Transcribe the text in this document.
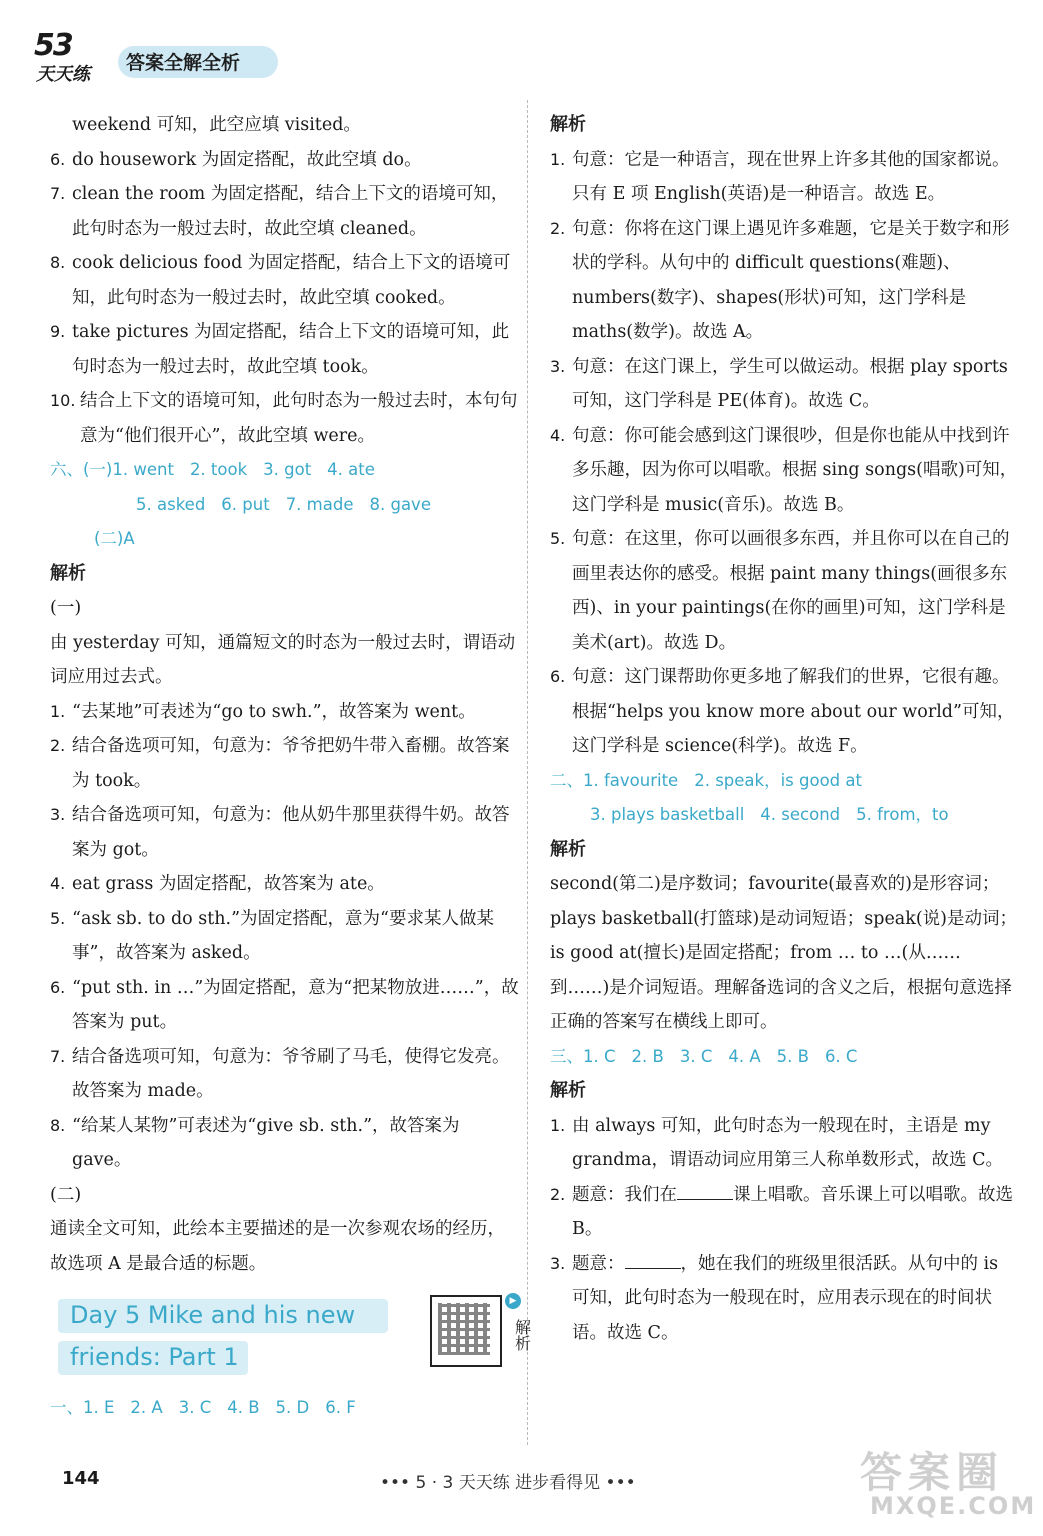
53
天天练
答案全解全析

weekend 可知，此空应填 visited。

6. do housework 为固定搭配，故此空填 do。
7. clean the room 为固定搭配，结合上下文的语境可知，此句时态为一般过去时，故此空填 cleaned。
8. cook delicious food 为固定搭配，结合上下文的语境可知，此句时态为一般过去时，故此空填 cooked。
9. take pictures 为固定搭配，结合上下文的语境可知，此句时态为一般过去时，故此空填 took。
10. 结合上下文的语境可知，此句时态为一般过去时，本句句意为“他们很开心”，故此空填 were。

六、(一)1. went 2. took 3. got 4. ate

5. asked 6. put 7. made 8. gave

(二)A

解析

(一)

由 yesterday 可知，通篇短文的时态为一般过去时，谓语动词应用过去式。

1. “去某地”可表述为“go to swh.”，故答案为 went。
2. 结合备选项可知，句意为：爷爷把奶牛带入畜棚。故答案为 took。
3. 结合备选项可知，句意为：他从奶牛那里获得牛奶。故答案为 got。
4. eat grass 为固定搭配，故答案为 ate。
5. “ask sb. to do sth.”为固定搭配，意为“要求某人做某事”，故答案为 asked。
6. “put sth. in …”为固定搭配，意为“把某物放进……”，故答案为 put。
7. 结合备选项可知，句意为：爷爷刷了马毛，使得它发亮。故答案为 made。
8. “给某人某物”可表述为“give sb. sth.”，故答案为 gave。

(二)

通读全文可知，此绘本主要描述的是一次参观农场的经历，故选项 A 是最合适的标题。

Day 5 Mike and his new
friends: Part 1
▶
解析

一、1. E 2. A 3. C 4. B 5. D 6. F

解析

1. 句意：它是一种语言，现在世界上许多其他的国家都说。只有 E 项 English(英语)是一种语言。故选 E。
2. 句意：你将在这门课上遇见许多难题，它是关于数字和形状的学科。从句中的 difficult questions(难题)、numbers(数字)、shapes(形状)可知，这门学科是 maths(数学)。故选 A。
3. 句意：在这门课上，学生可以做运动。根据 play sports 可知，这门学科是 PE(体育)。故选 C。
4. 句意：你可能会感到这门课很吵，但是你也能从中找到许多乐趣，因为你可以唱歌。根据 sing songs(唱歌)可知，这门学科是 music(音乐)。故选 B。
5. 句意：在这里，你可以画很多东西，并且你可以在自己的画里表达你的感受。根据 paint many things(画很多东西)、in your paintings(在你的画里)可知，这门学科是美术(art)。故选 D。
6. 句意：这门课帮助你更多地了解我们的世界，它很有趣。根据“helps you know more about our world”可知，这门学科是 science(科学)。故选 F。

二、1. favourite 2. speak，is good at

3. plays basketball 4. second 5. from，to

解析

second(第二)是序数词；favourite(最喜欢的)是形容词；plays basketball(打篮球)是动词短语；speak(说)是动词；is good at(擅长)是固定搭配；from … to …(从……到……)是介词短语。理解备选词的含义之后，根据句意选择正确的答案写在横线上即可。

三、1. C 2. B 3. C 4. A 5. B 6. C

解析

1. 由 always 可知，此句时态为一般现在时，主语是 my grandma，谓语动词应用第三人称单数形式，故选 C。
2. 题意：我们在	课上唱歌。音乐课上可以唱歌。故选 B。
3. 题意：	，她在我们的班级里很活跃。从句中的 is 可知，此句时态为一般现在时，应用表示现在的时间状语。故选 C。
144	••• 5 · 3 天天练 进步看得见 •••	答案圈
MXQE.COM
